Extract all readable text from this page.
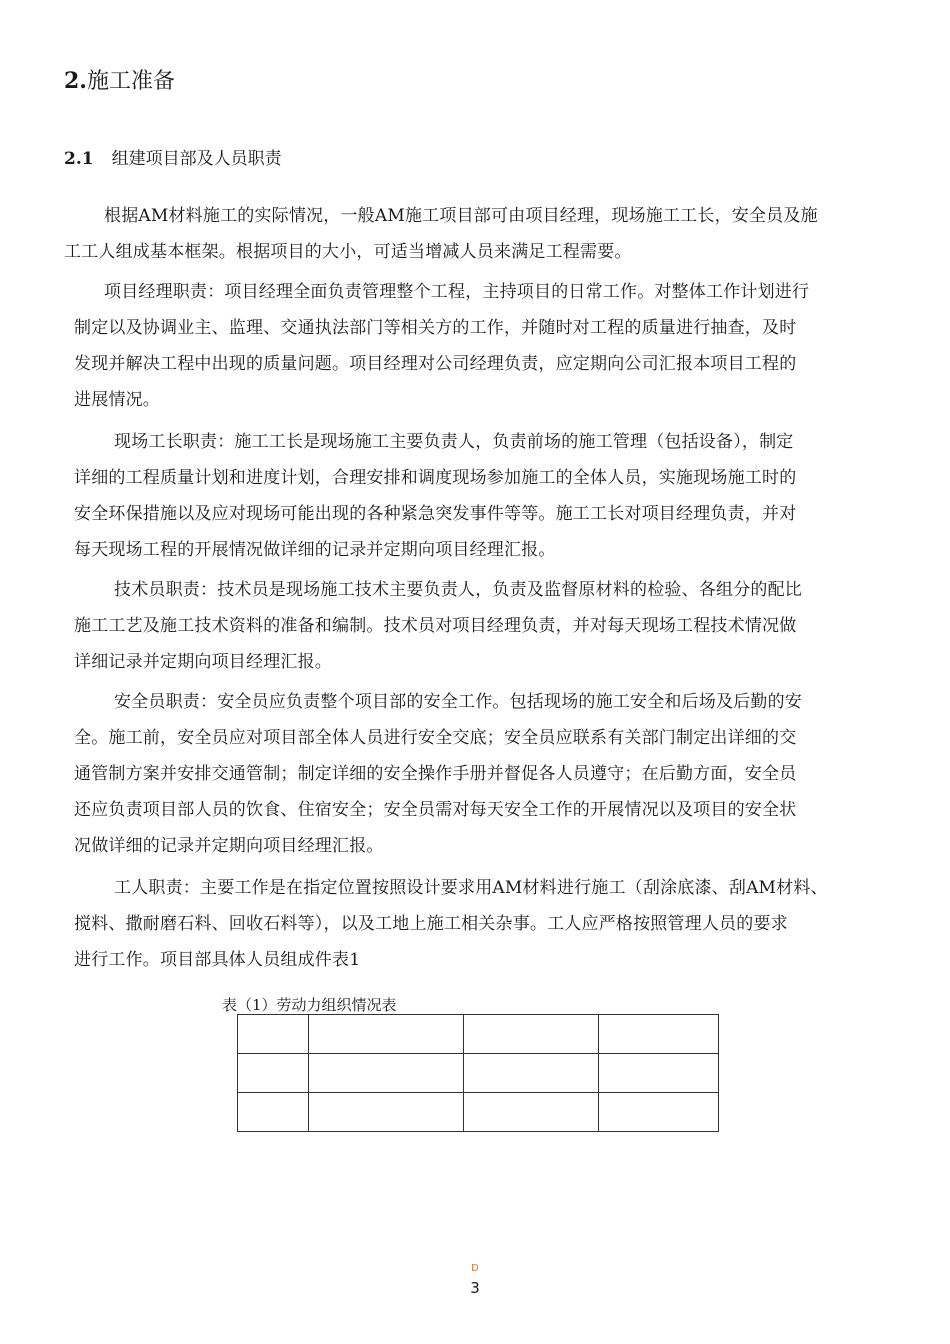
2.施工准备
2.1 组建项目部及人员职责
根据AM材料施工的实际情况，一般AM施工项目部可由项目经理，现场施工工长，安全员及施
工工人组成基本框架。根据项目的大小，可适当增减人员来满足工程需要。
项目经理职责：项目经理全面负责管理整个工程，主持项目的日常工作。对整体工作计划进行
制定以及协调业主、监理、交通执法部门等相关方的工作，并随时对工程的质量进行抽查，及时
发现并解决工程中出现的质量问题。项目经理对公司经理负责，应定期向公司汇报本项目工程的
进展情况。
现场工长职责：施工工长是现场施工主要负责人，负责前场的施工管理（包括设备），制定
详细的工程质量计划和进度计划，合理安排和调度现场参加施工的全体人员，实施现场施工时的
安全环保措施以及应对现场可能出现的各种紧急突发事件等等。施工工长对项目经理负责，并对
每天现场工程的开展情况做详细的记录并定期向项目经理汇报。
技术员职责：技术员是现场施工技术主要负责人，负责及监督原材料的检验、各组分的配比
施工工艺及施工技术资料的准备和编制。技术员对项目经理负责，并对每天现场工程技术情况做
详细记录并定期向项目经理汇报。
安全员职责：安全员应负责整个项目部的安全工作。包括现场的施工安全和后场及后勤的安
全。施工前，安全员应对项目部全体人员进行安全交底；安全员应联系有关部门制定出详细的交
通管制方案并安排交通管制；制定详细的安全操作手册并督促各人员遵守；在后勤方面，安全员
还应负责项目部人员的饮食、住宿安全；安全员需对每天安全工作的开展情况以及项目的安全状
况做详细的记录并定期向项目经理汇报。
工人职责：主要工作是在指定位置按照设计要求用AM材料进行施工（刮涂底漆、刮AM材料、
搅料、撒耐磨石料、回收石料等），以及工地上施工相关杂事。工人应严格按照管理人员的要求
进行工作。项目部具体人员组成件表1
表（1）劳动力组织情况表

D
3
